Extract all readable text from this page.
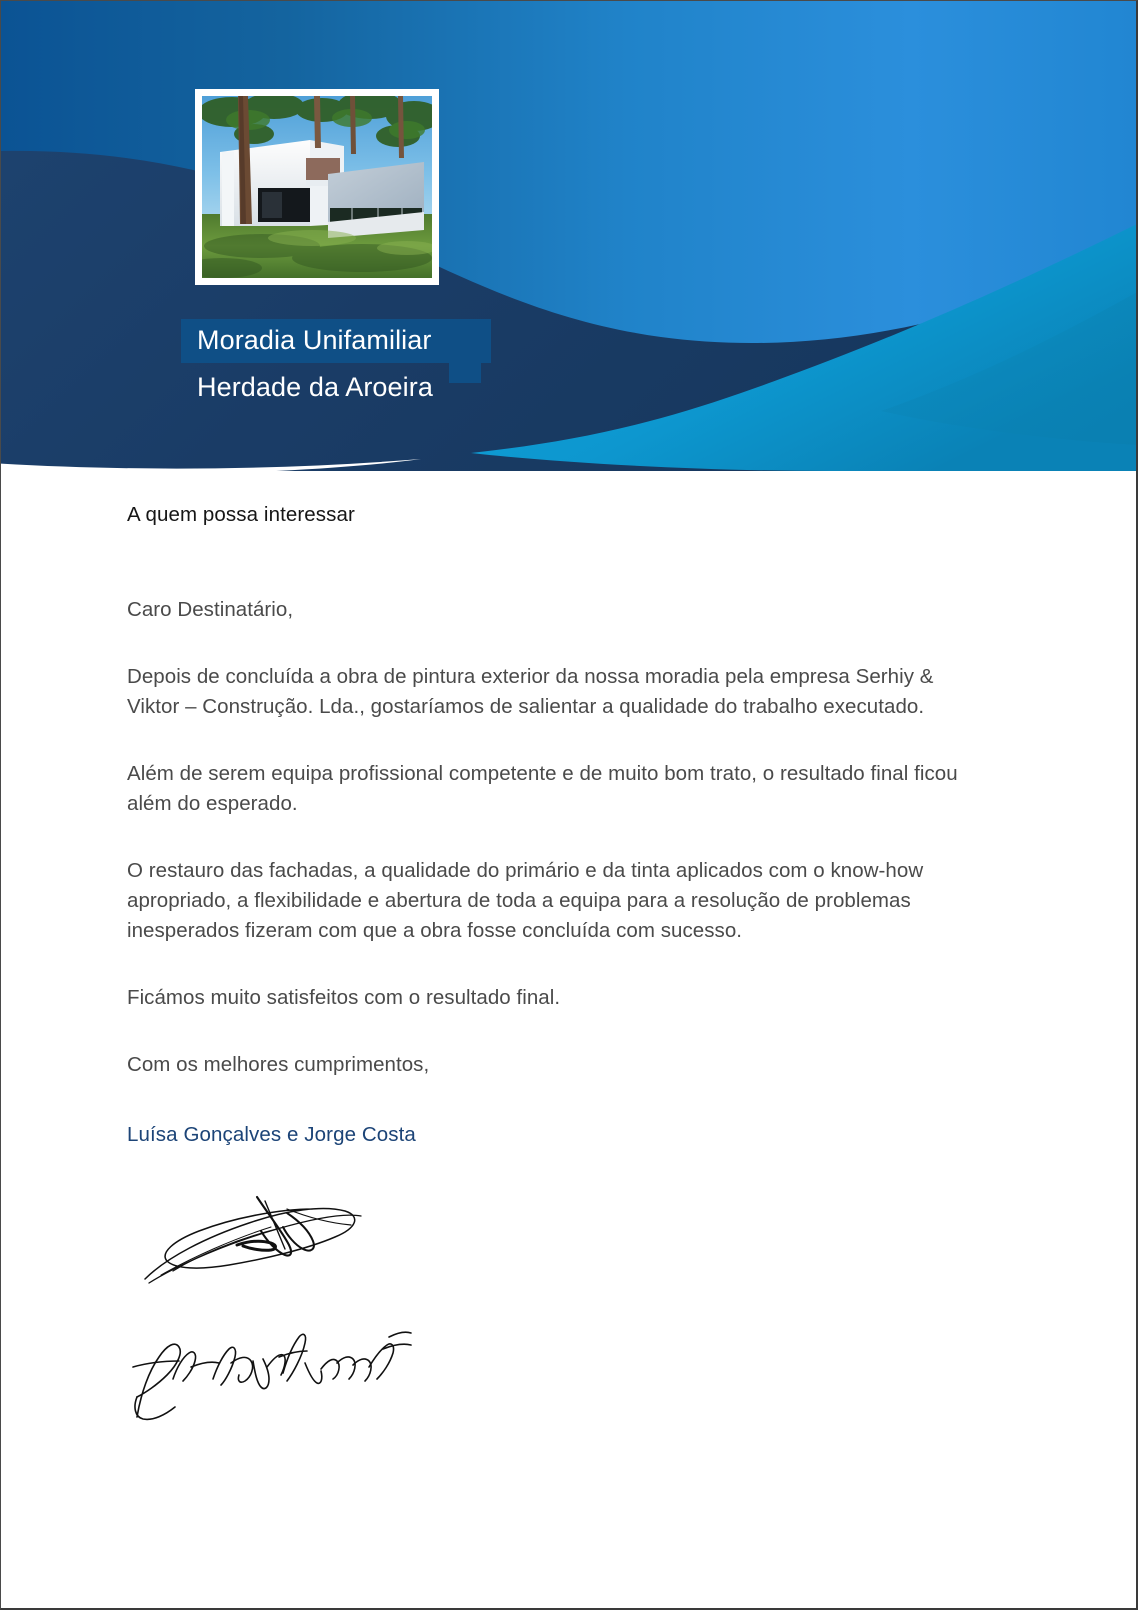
Moradia Unifamiliar
Herdade da Aroeira

A quem possa interessar

Caro Destinatário,

Depois de concluída a obra de pintura exterior da nossa moradia pela empresa Serhiy & Viktor – Construção. Lda., gostaríamos de salientar a qualidade do trabalho executado.

Além de serem equipa profissional competente e de muito bom trato, o resultado final ficou além do esperado.

O restauro das fachadas, a qualidade do primário e da tinta aplicados com o know-how apropriado, a flexibilidade e abertura de toda a equipa para a resolução de problemas inesperados fizeram com que a obra fosse concluída com sucesso.

Ficámos muito satisfeitos com o resultado final.

Com os melhores cumprimentos,

Luísa Gonçalves e Jorge Costa
